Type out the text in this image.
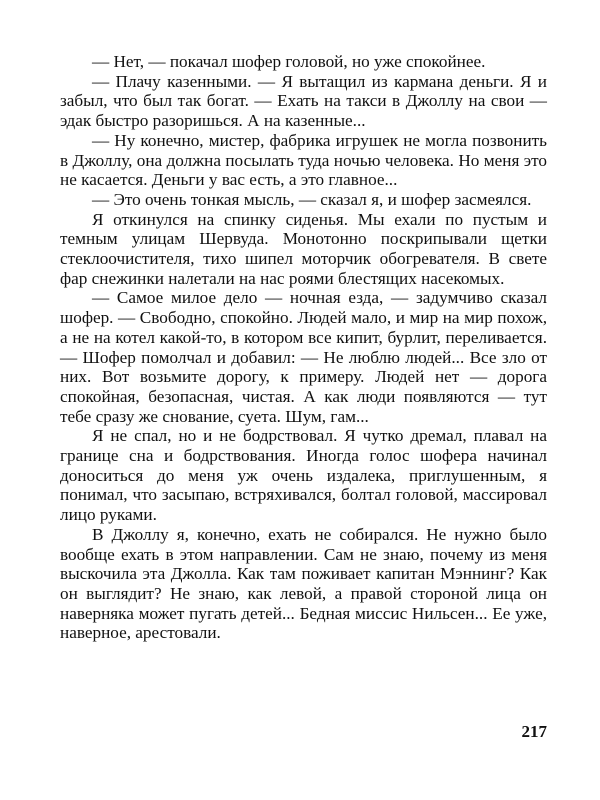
— Нет, — покачал шофер головой, но уже спокойнее.

— Плачу казенными. — Я вытащил из кармана деньги. Я и забыл, что был так богат. — Ехать на такси в Джоллу на свои — эдак быстро разоришься. А на казенные...

— Ну конечно, мистер, фабрика игрушек не могла позвонить в Джоллу, она должна посылать туда ночью человека. Но меня это не касается. Деньги у вас есть, а это главное...

— Это очень тонкая мысль, — сказал я, и шофер засмеялся.

Я откинулся на спинку сиденья. Мы ехали по пустым и темным улицам Шервуда. Монотонно поскрипывали щетки стеклоочистителя, тихо шипел моторчик обогревателя. В свете фар снежинки налетали на нас роями блестящих насекомых.

— Самое милое дело — ночная езда, — задумчиво сказал шофер. — Свободно, спокойно. Людей мало, и мир на мир похож, а не на котел какой-то, в котором все кипит, бурлит, переливается. — Шофер помолчал и добавил: — Не люблю людей... Все зло от них. Вот возьмите дорогу, к примеру. Людей нет — дорога спокойная, безопасная, чистая. А как люди появляются — тут тебе сразу же снование, суета. Шум, гам...

Я не спал, но и не бодрствовал. Я чутко дремал, плавал на границе сна и бодрствования. Иногда голос шофера начинал доноситься до меня уж очень издалека, приглушенным, я понимал, что засыпаю, встряхивался, болтал головой, массировал лицо руками.

В Джоллу я, конечно, ехать не собирался. Не нужно было вообще ехать в этом направлении. Сам не знаю, почему из меня выскочила эта Джолла. Как там поживает капитан Мэннинг? Как он выглядит? Не знаю, как левой, а правой стороной лица он наверняка может пугать детей... Бедная миссис Нильсен... Ее уже, наверное, арестовали.

217
